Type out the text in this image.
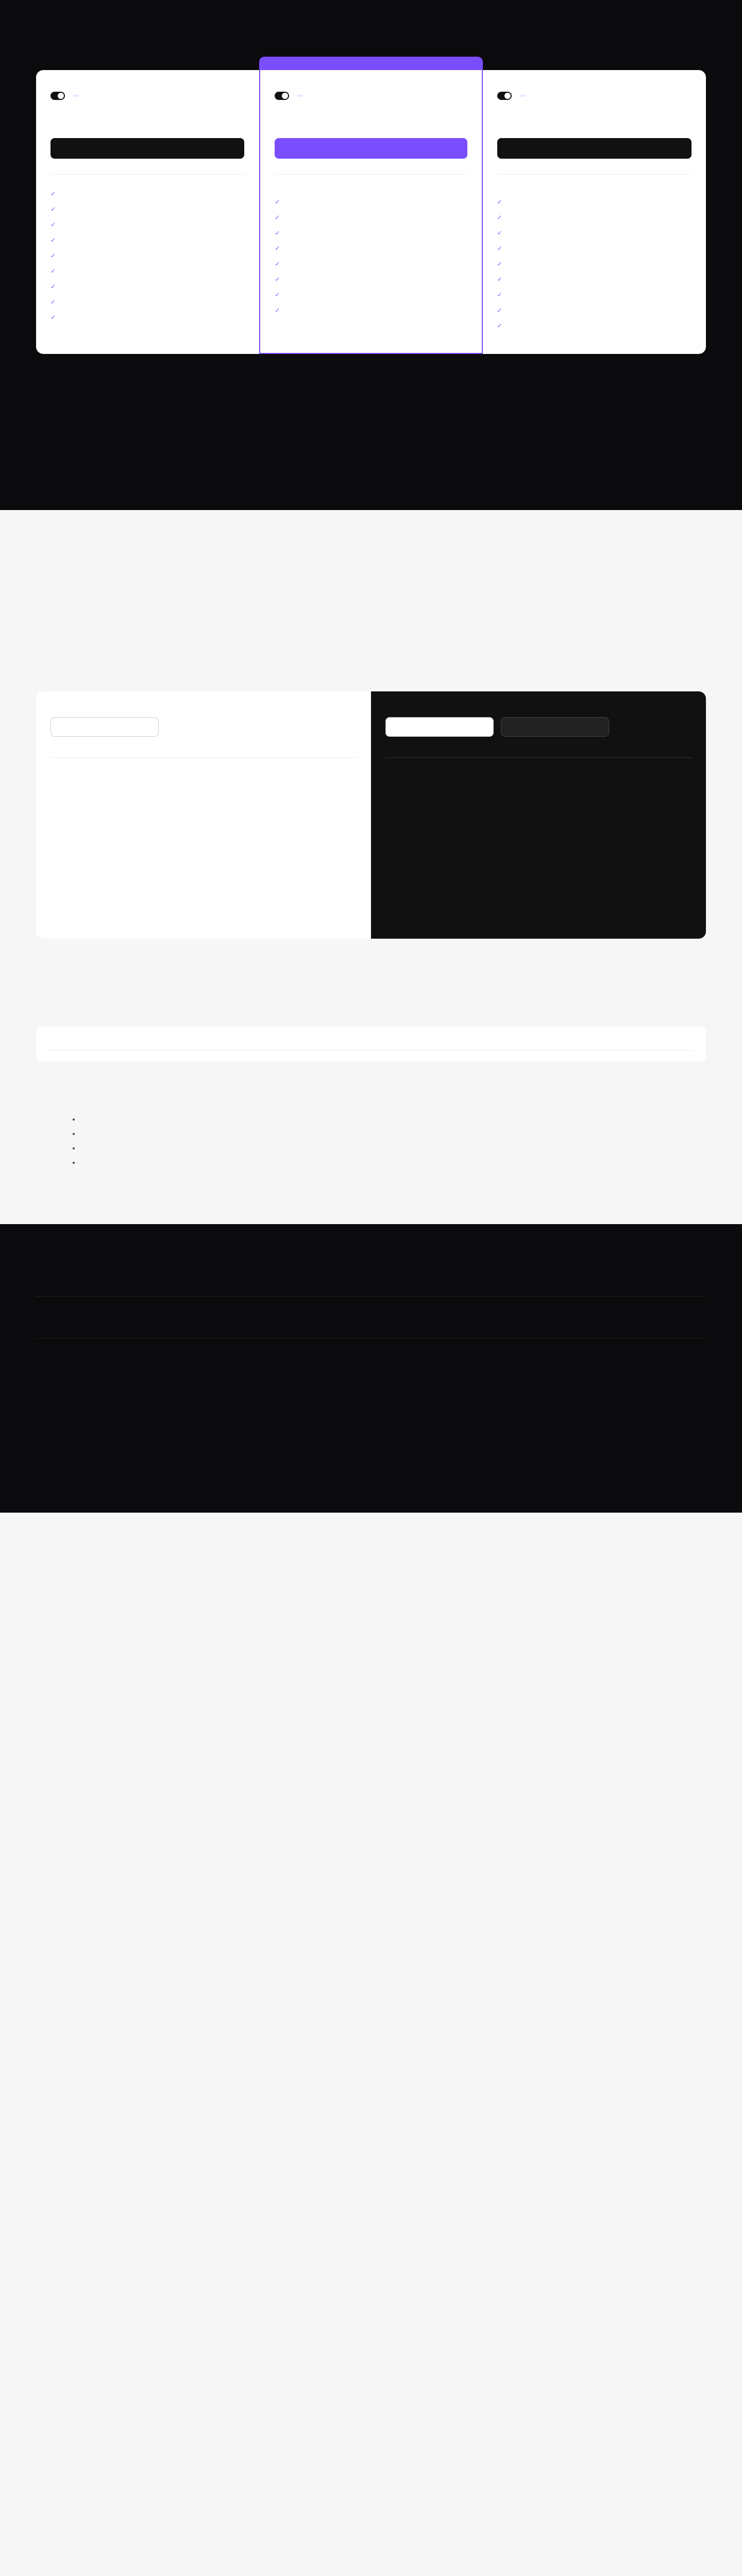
✓
✓
✓
✓
✓
✓
✓
✓
✓

✓
✓
✓
✓
✓
✓
✓
✓

✓
✓
✓
✓
✓
✓
✓
✓
✓

•
•
•
•
